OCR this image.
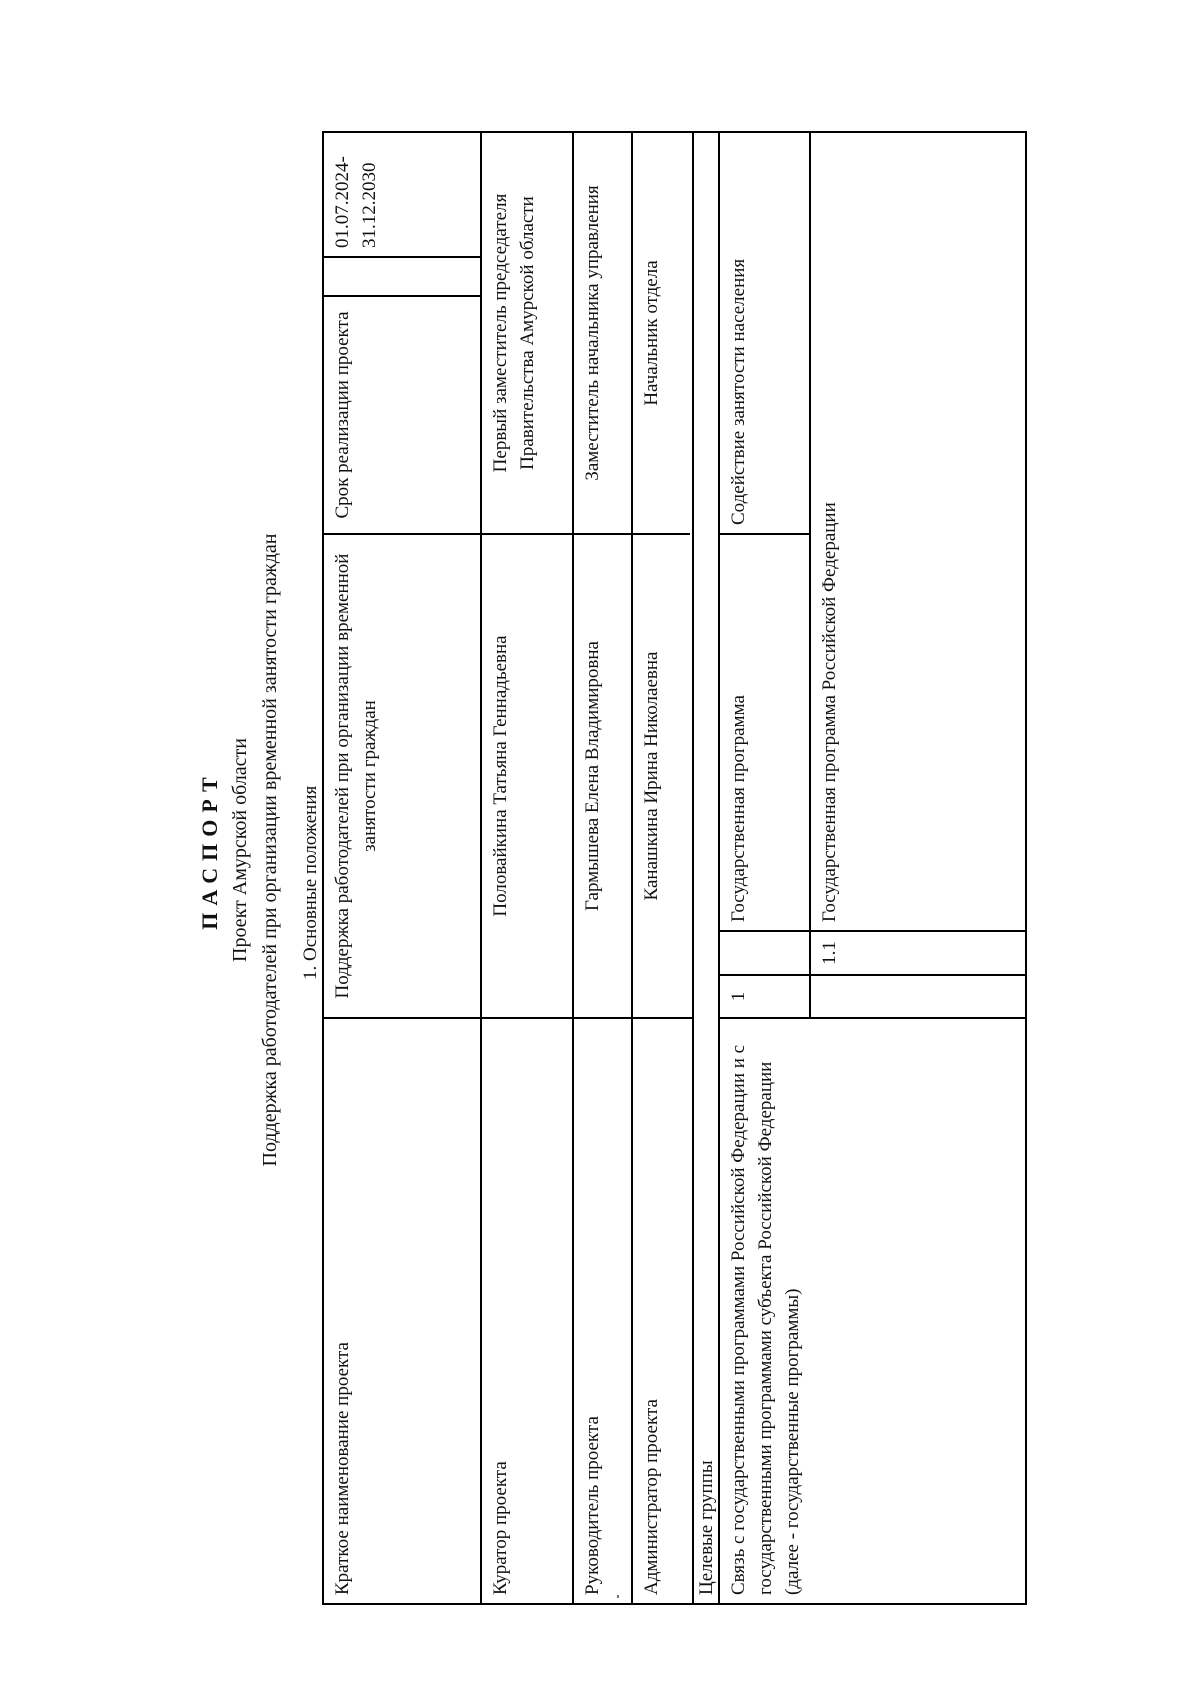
ПАСПОРТ Проект Амурской области Поддержка работодателей при организации временной занятости граждан 1. Основные положения
Краткое наименование проекта
Поддержка работодателей при организации временной занятости граждан
Срок реализации проекта
01.07.2024-31.12.2030
Куратор проекта
Половайкина Татьяна Геннадьевна
Первый заместитель председателя Правительства Амурской области
Руководитель проекта
Гармышева Елена Владимировна
Заместитель начальника управления
Администратор проекта
Канашкина Ирина Николаевна
Начальник отдела
Целевые группы Связь с государственными программами Российской Федерации и с государственными программами субъекта Российской Федерации (далее - государственные программы)
1
Государственная программа
Содействие занятости населения
1.1
Государственная программа Российской Федерации
